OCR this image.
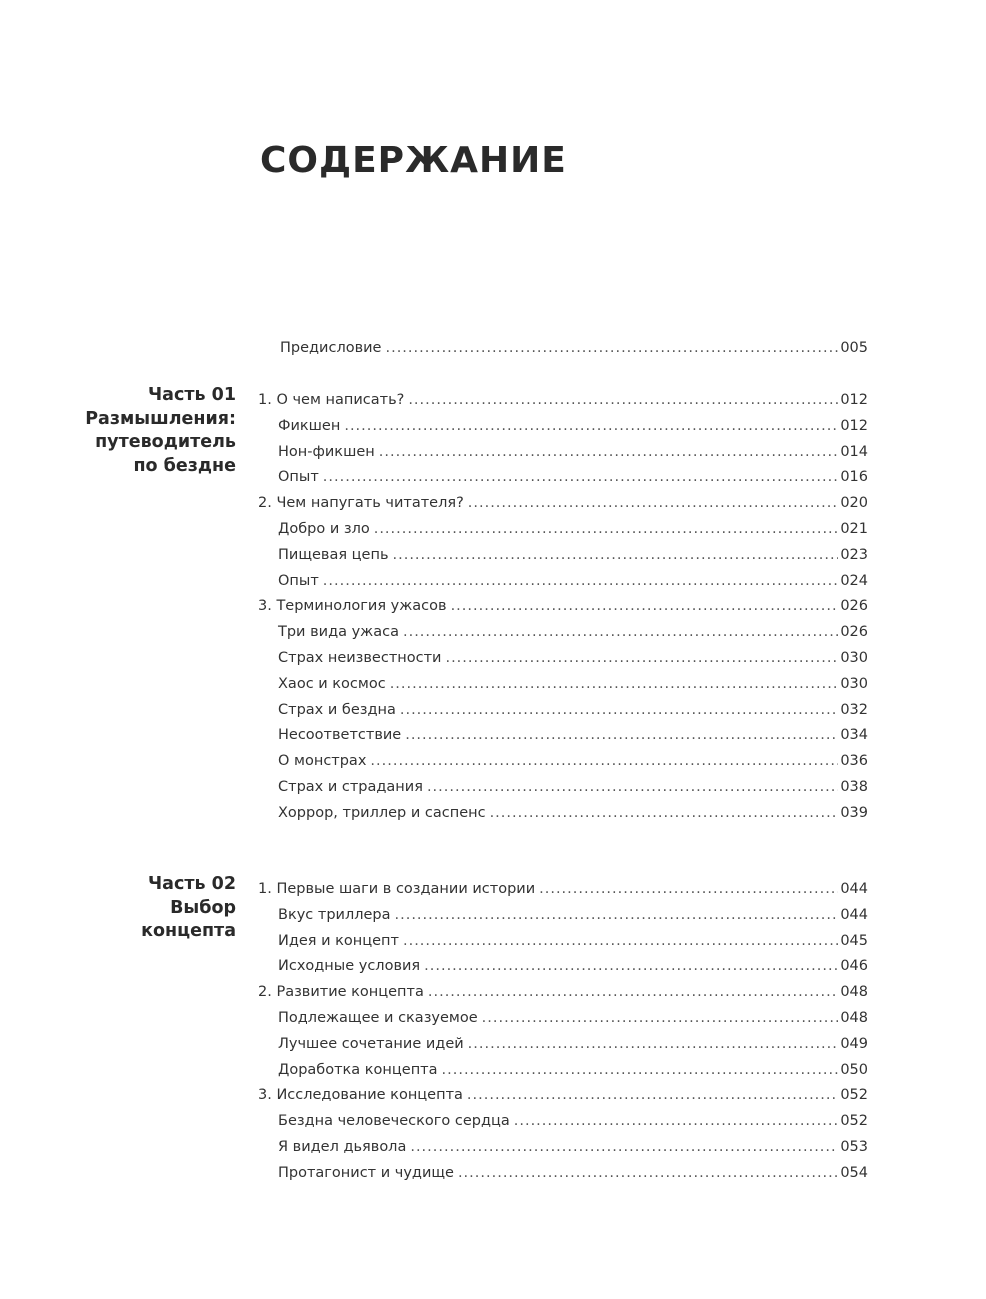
СОДЕРЖАНИЕ
Предисловие .....	005
Часть 01
Размышления:
путеводитель
по бездне
1. О чем написать? .....	012
Фикшен .....	012
Нон-фикшен .....	014
Опыт .....	016
2. Чем напугать читателя? .....	020
Добро и зло .....	021
Пищевая цепь .....	023
Опыт .....	024
3. Терминология ужасов .....	026
Три вида ужаса .....	026
Страх неизвестности .....	030
Хаос и космос .....	030
Страх и бездна .....	032
Несоответствие .....	034
О монстрах .....	036
Страх и страдания .....	038
Хоррор, триллер и саспенс .....	039
Часть 02
Выбор
концепта
1. Первые шаги в создании истории .....	044
Вкус триллера .....	044
Идея и концепт .....	045
Исходные условия .....	046
2. Развитие концепта .....	048
Подлежащее и сказуемое .....	048
Лучшее сочетание идей .....	049
Доработка концепта .....	050
3. Исследование концепта .....	052
Бездна человеческого сердца .....	052
Я видел дьявола .....	053
Протагонист и чудище .....	054
